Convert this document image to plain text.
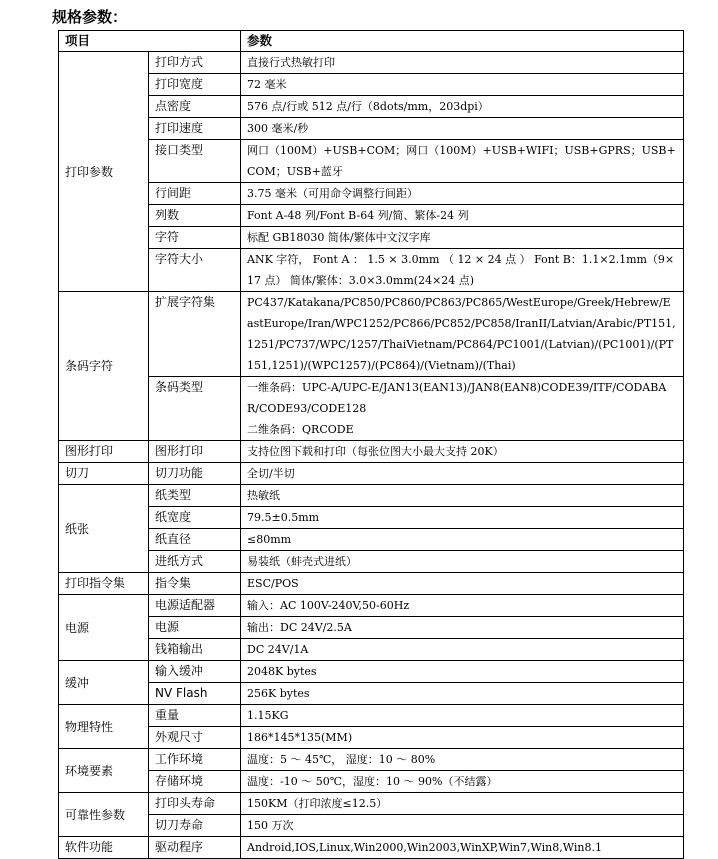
规格参数：
项目		参数
打印参数	打印方式	直接行式热敏打印

	打印宽度	72 毫米

	点密度	576 点/行或 512 点/行（8dots/mm，203dpi）

	打印速度	300 毫米/秒

	接口类型	网口（100M）+USB+COM；网口（100M）+USB+WIFI；USB+GPRS；USB+COM；USB+蓝牙

	行间距	3.75 毫米（可用命令调整行间距）

	列数	Font A-48 列/Font B-64 列/简、繁体-24 列

	字符	标配 GB18030 简体/繁体中文汉字库

	字符大小	ANK 字符， Font A ： 1.5 × 3.0mm （ 12 × 24 点 ） Font B：1.1×2.1mm（9×17 点） 简体/繁体：3.0×3.0mm(24×24 点)

条码字符	扩展字符集	PC437/Katakana/PC850/PC860/PC863/PC865/WestEurope/Greek/Hebrew/EastEurope/Iran/WPC1252/PC866/PC852/PC858/IranII/Latvian/Arabic/PT151,1251/PC737/WPC/1257/ThaiVietnam/PC864/PC1001/(Latvian)/(PC1001)/(PT151,1251)/(WPC1257)/(PC864)/(Vietnam)/(Thai)

	条码类型	一维条码：UPC-A/UPC-E/JAN13(EAN13)/JAN8(EAN8)CODE39/ITF/CODABAR/CODE93/CODE128
二维条码：QRCODE

图形打印	图形打印	支持位图下载和打印（每张位图大小最大支持 20K）

切刀	切刀功能	全切/半切

纸张	纸类型	热敏纸

	纸宽度	79.5±0.5mm

	纸直径	≤80mm

	进纸方式	易装纸（蚌壳式进纸）

打印指令集	指令集	ESC/POS

电源	电源适配器	输入：AC 100V-240V,50-60Hz

	电源	输出：DC 24V/2.5A

	钱箱输出	DC 24V/1A

缓冲	输入缓冲	2048K bytes

	NV Flash	256K bytes

物理特性	重量	1.15KG

	外观尺寸	186*145*135(MM)

环境要素	工作环境	温度：5 ～ 45℃， 湿度：10 ～ 80%

	存储环境	温度：-10 ～ 50℃，湿度：10 ～ 90%（不结露）

可靠性参数	打印头寿命	150KM（打印浓度≤12.5）

	切刀寿命	150 万次

软件功能	驱动程序	Android,IOS,Linux,Win2000,Win2003,WinXP,Win7,Win8,Win8.1
